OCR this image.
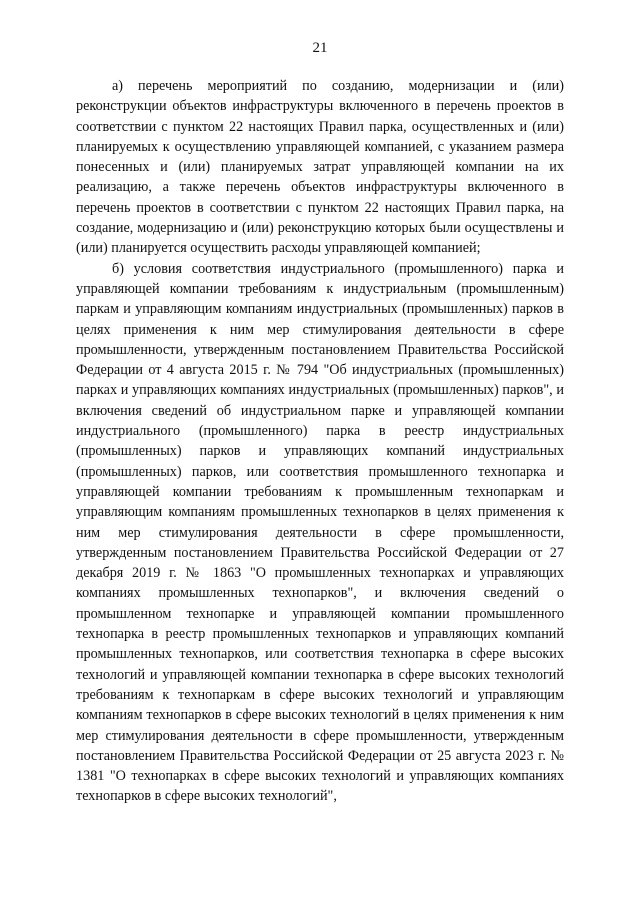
21

а) перечень мероприятий по созданию, модернизации и (или) реконструкции объектов инфраструктуры включенного в перечень проектов в соответствии с пунктом 22 настоящих Правил парка, осуществленных и (или) планируемых к осуществлению управляющей компанией, с указанием размера понесенных и (или) планируемых затрат управляющей компании на их реализацию, а также перечень объектов инфраструктуры включенного в перечень проектов в соответствии с пунктом 22 настоящих Правил парка, на создание, модернизацию и (или) реконструкцию которых были осуществлены и (или) планируется осуществить расходы управляющей компанией;

б) условия соответствия индустриального (промышленного) парка и управляющей компании требованиям к индустриальным (промышленным) паркам и управляющим компаниям индустриальных (промышленных) парков в целях применения к ним мер стимулирования деятельности в сфере промышленности, утвержденным постановлением Правительства Российской Федерации от 4 августа 2015 г. № 794 "Об индустриальных (промышленных) парках и управляющих компаниях индустриальных (промышленных) парков", и включения сведений об индустриальном парке и управляющей компании индустриального (промышленного) парка в реестр индустриальных (промышленных) парков и управляющих компаний индустриальных (промышленных) парков, или соответствия промышленного технопарка и управляющей компании требованиям к промышленным технопаркам и управляющим компаниям промышленных технопарков в целях применения к ним мер стимулирования деятельности в сфере промышленности, утвержденным постановлением Правительства Российской Федерации от 27 декабря 2019 г. № 1863 "О промышленных технопарках и управляющих компаниях промышленных технопарков", и включения сведений о промышленном технопарке и управляющей компании промышленного технопарка в реестр промышленных технопарков и управляющих компаний промышленных технопарков, или соответствия технопарка в сфере высоких технологий и управляющей компании технопарка в сфере высоких технологий требованиям к технопаркам в сфере высоких технологий и управляющим компаниям технопарков в сфере высоких технологий в целях применения к ним мер стимулирования деятельности в сфере промышленности, утвержденным постановлением Правительства Российской Федерации от 25 августа 2023 г. № 1381 "О технопарках в сфере высоких технологий и управляющих компаниях технопарков в сфере высоких технологий",
